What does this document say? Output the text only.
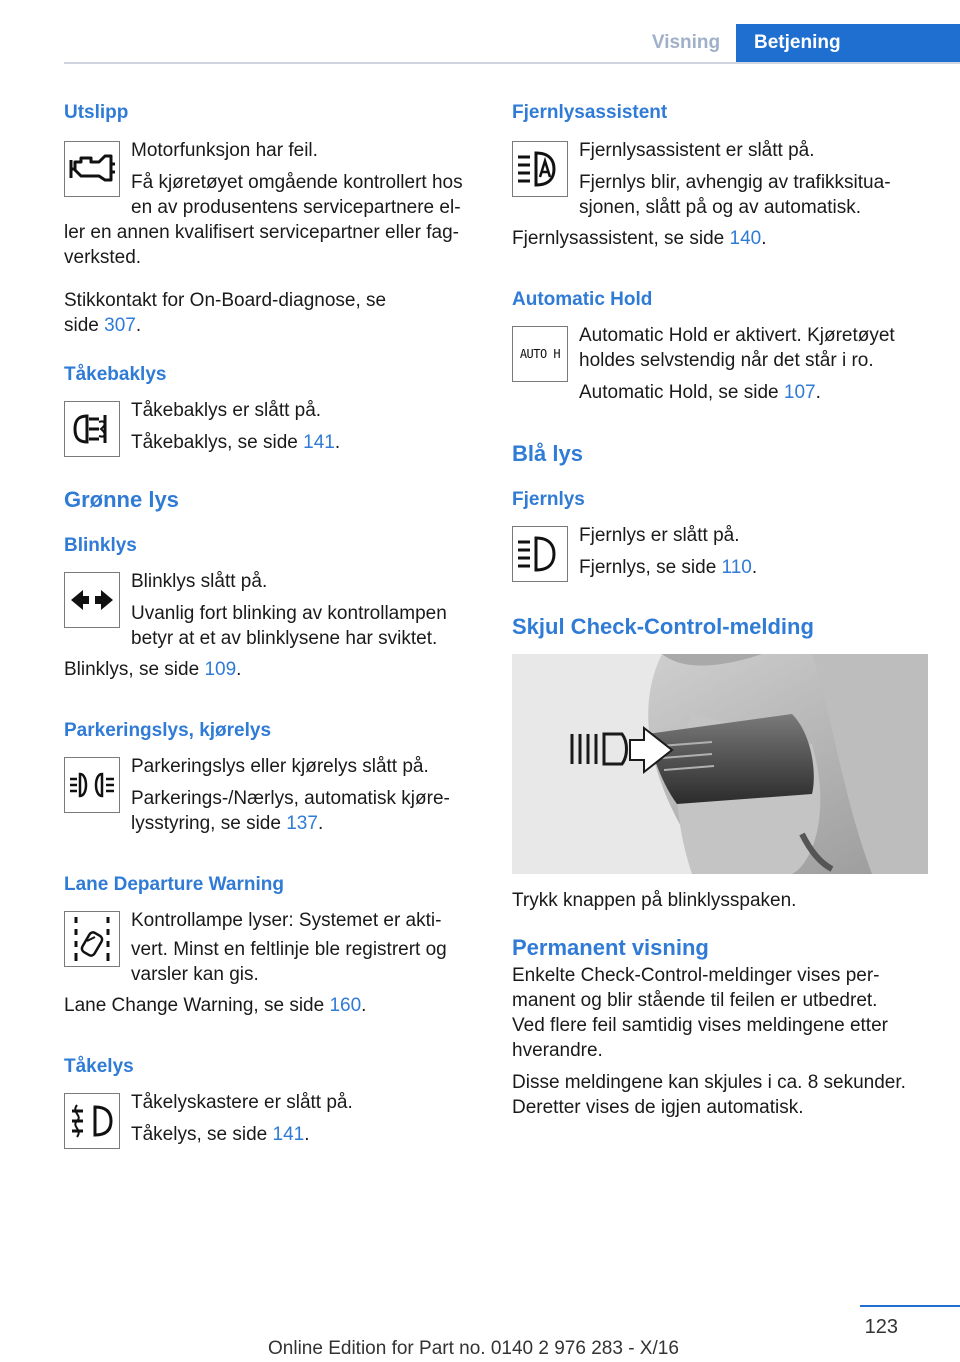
Visning	Betjening

Utslipp

Motorfunksjon har feil.

Få kjøretøyet omgående kontrollert hos

en av produsentens servicepartnere el-

ler en annen kvalifisert servicepartner eller fag-

verksted.

Stikkontakt for On-Board-diagnose, se

side 307.

Tåkebaklys

Tåkebaklys er slått på.

Tåkebaklys, se side 141.

Grønne lys

Blinklys

Blinklys slått på.

Uvanlig fort blinking av kontrollampen

betyr at et av blinklysene har sviktet.

Blinklys, se side 109.

Parkeringslys, kjørelys

Parkeringslys eller kjørelys slått på.

Parkerings-/Nærlys, automatisk kjøre-

lysstyring, se side 137.

Lane Departure Warning

Kontrollampe lyser: Systemet er akti-

vert. Minst en feltlinje ble registrert og

varsler kan gis.

Lane Change Warning, se side 160.

Tåkelys

Tåkelyskastere er slått på.

Tåkelys, se side 141.

Fjernlysassistent

Fjernlysassistent er slått på.

Fjernlys blir, avhengig av trafikksitua-

sjonen, slått på og av automatisk.

Fjernlysassistent, se side 140.

Automatic Hold

AUTO H

Automatic Hold er aktivert. Kjøretøyet

holdes selvstendig når det står i ro.

Automatic Hold, se side 107.

Blå lys

Fjernlys

Fjernlys er slått på.

Fjernlys, se side 110.

Skjul Check-Control-melding

Trykk knappen på blinklysspaken.

Permanent visning

Enkelte Check-Control-meldinger vises per-

manent og blir stående til feilen er utbedret.

Ved flere feil samtidig vises meldingene etter

hverandre.

Disse meldingene kan skjules i ca. 8 sekunder.

Deretter vises de igjen automatisk.

123
Online Edition for Part no. 0140 2 976 283 - X/16
